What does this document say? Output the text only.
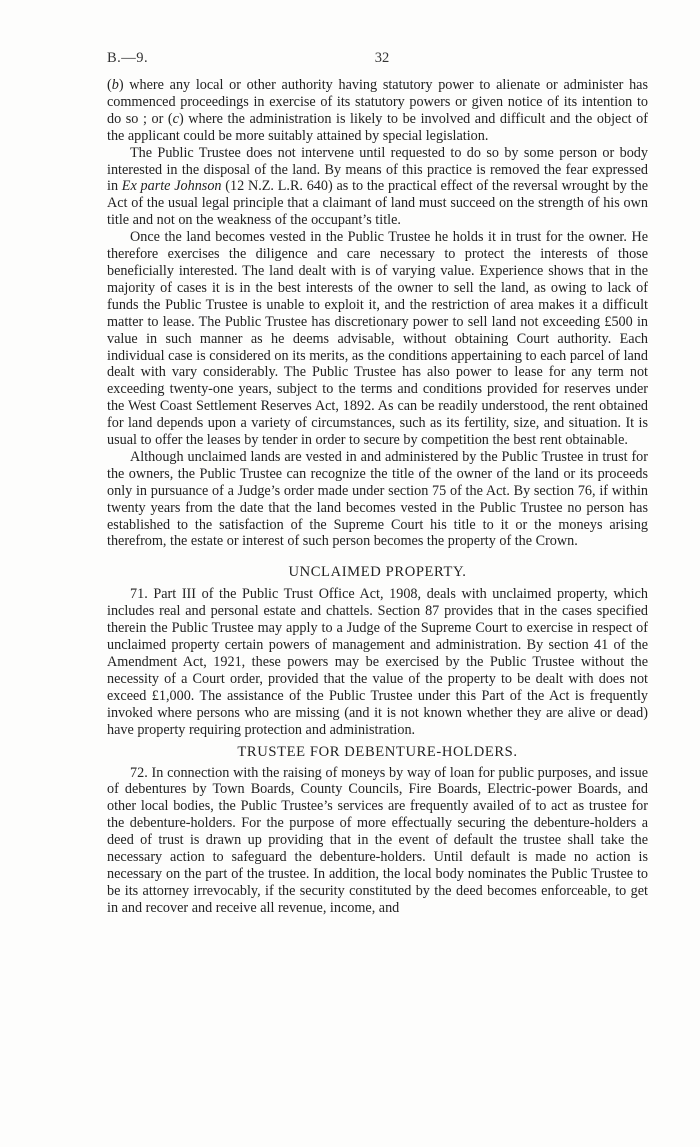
B.—9.	32

(b) where any local or other authority having statutory power to alienate or administer has commenced proceedings in exercise of its statutory powers or given notice of its intention to do so ; or (c) where the administration is likely to be involved and difficult and the object of the applicant could be more suitably attained by special legislation.

The Public Trustee does not intervene until requested to do so by some person or body interested in the disposal of the land. By means of this practice is removed the fear expressed in Ex parte Johnson (12 N.Z. L.R. 640) as to the practical effect of the reversal wrought by the Act of the usual legal principle that a claimant of land must succeed on the strength of his own title and not on the weakness of the occupant’s title.

Once the land becomes vested in the Public Trustee he holds it in trust for the owner. He therefore exercises the diligence and care necessary to protect the interests of those beneficially interested. The land dealt with is of varying value. Experience shows that in the majority of cases it is in the best interests of the owner to sell the land, as owing to lack of funds the Public Trustee is unable to exploit it, and the restriction of area makes it a difficult matter to lease. The Public Trustee has discretionary power to sell land not exceeding £500 in value in such manner as he deems advisable, without obtaining Court authority. Each individual case is considered on its merits, as the conditions appertaining to each parcel of land dealt with vary considerably. The Public Trustee has also power to lease for any term not exceeding twenty-one years, subject to the terms and conditions provided for reserves under the West Coast Settlement Reserves Act, 1892. As can be readily understood, the rent obtained for land depends upon a variety of circumstances, such as its fertility, size, and situation. It is usual to offer the leases by tender in order to secure by competition the best rent obtainable.

Although unclaimed lands are vested in and administered by the Public Trustee in trust for the owners, the Public Trustee can recognize the title of the owner of the land or its proceeds only in pursuance of a Judge’s order made under section 75 of the Act. By section 76, if within twenty years from the date that the land becomes vested in the Public Trustee no person has established to the satisfaction of the Supreme Court his title to it or the moneys arising therefrom, the estate or interest of such person becomes the property of the Crown.

UNCLAIMED PROPERTY.

71. Part III of the Public Trust Office Act, 1908, deals with unclaimed property, which includes real and personal estate and chattels. Section 87 provides that in the cases specified therein the Public Trustee may apply to a Judge of the Supreme Court to exercise in respect of unclaimed property certain powers of management and administration. By section 41 of the Amendment Act, 1921, these powers may be exercised by the Public Trustee without the necessity of a Court order, provided that the value of the property to be dealt with does not exceed £1,000. The assistance of the Public Trustee under this Part of the Act is frequently invoked where persons who are missing (and it is not known whether they are alive or dead) have property requiring protection and administration.

TRUSTEE FOR DEBENTURE-HOLDERS.

72. In connection with the raising of moneys by way of loan for public purposes, and issue of debentures by Town Boards, County Councils, Fire Boards, Electric-power Boards, and other local bodies, the Public Trustee’s services are frequently availed of to act as trustee for the debenture-holders. For the purpose of more effectually securing the debenture-holders a deed of trust is drawn up providing that in the event of default the trustee shall take the necessary action to safeguard the debenture-holders. Until default is made no action is necessary on the part of the trustee. In addition, the local body nominates the Public Trustee to be its attorney irrevocably, if the security constituted by the deed becomes enforceable, to get in and recover and receive all revenue, income, and
